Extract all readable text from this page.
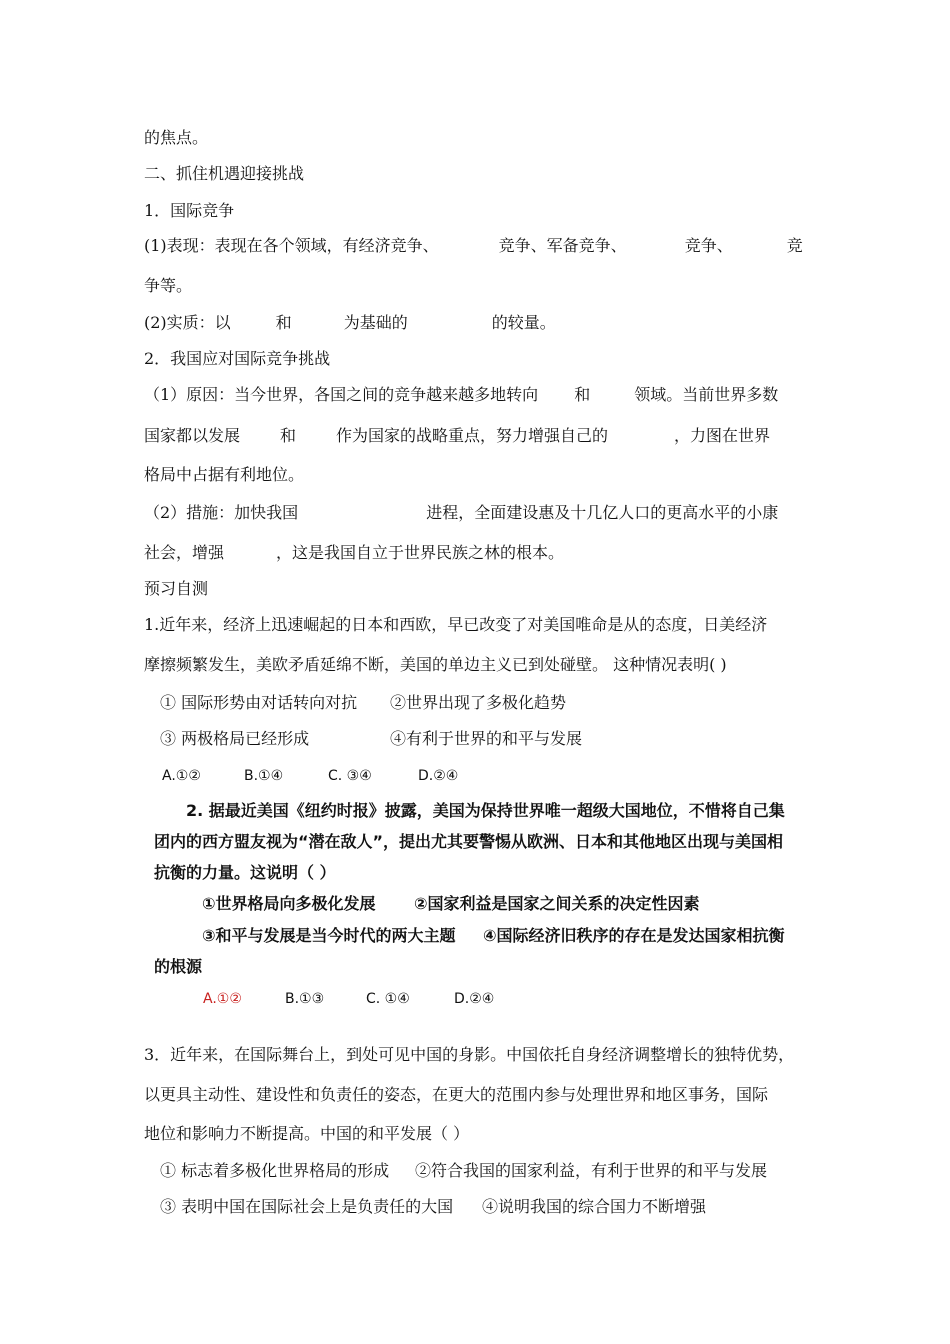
的焦点。
二、抓住机遇迎接挑战
1．国际竞争
(1)表现：表现在各个领域，有经济竞争、	竞争、军备竞争、	竞争、	竞
争等。
(2)实质：以	和	为基础的	的较量。
2．我国应对国际竞争挑战
（1）原因：当今世界，各国之间的竞争越来越多地转向 和	领域。当前世界多数
国家都以发展	和	作为国家的战略重点，努力增强自己的	，力图在世界
格局中占据有利地位。
（2）措施：加快我国	进程，全面建设惠及十几亿人口的更高水平的小康
社会，增强	，这是我国自立于世界民族之林的根本。
预习自测
1.近年来，经济上迅速崛起的日本和西欧，早已改变了对美国唯命是从的态度，日美经济
摩擦频繁发生，美欧矛盾延绵不断，美国的单边主义已到处碰壁。 这种情况表明( )
① 国际形势由对话转向对抗 ②世界出现了多极化趋势
③ 两极格局已经形成	④有利于世界的和平与发展
A.①②	B.①④	C. ③④	D.②④
2. 据最近美国《纽约时报》披露，美国为保持世界唯一超级大国地位，不惜将自己集
团内的西方盟友视为“潜在敌人”，提出尤其要警惕从欧洲、日本和其他地区出现与美国相
抗衡的力量。这说明（ ）
①世界格局向多极化发展 ②国家利益是国家之间关系的决定性因素
③和平与发展是当今时代的两大主题 ④国际经济旧秩序的存在是发达国家相抗衡
的根源
A.①②	B.①③	C. ①④	D.②④
3．近年来，在国际舞台上，到处可见中国的身影。中国依托自身经济调整增长的独特优势，
以更具主动性、建设性和负责任的姿态，在更大的范围内参与处理世界和地区事务，国际
地位和影响力不断提高。中国的和平发展（ ）
① 标志着多极化世界格局的形成 ②符合我国的国家利益，有利于世界的和平与发展
③ 表明中国在国际社会上是负责任的大国 ④说明我国的综合国力不断增强
